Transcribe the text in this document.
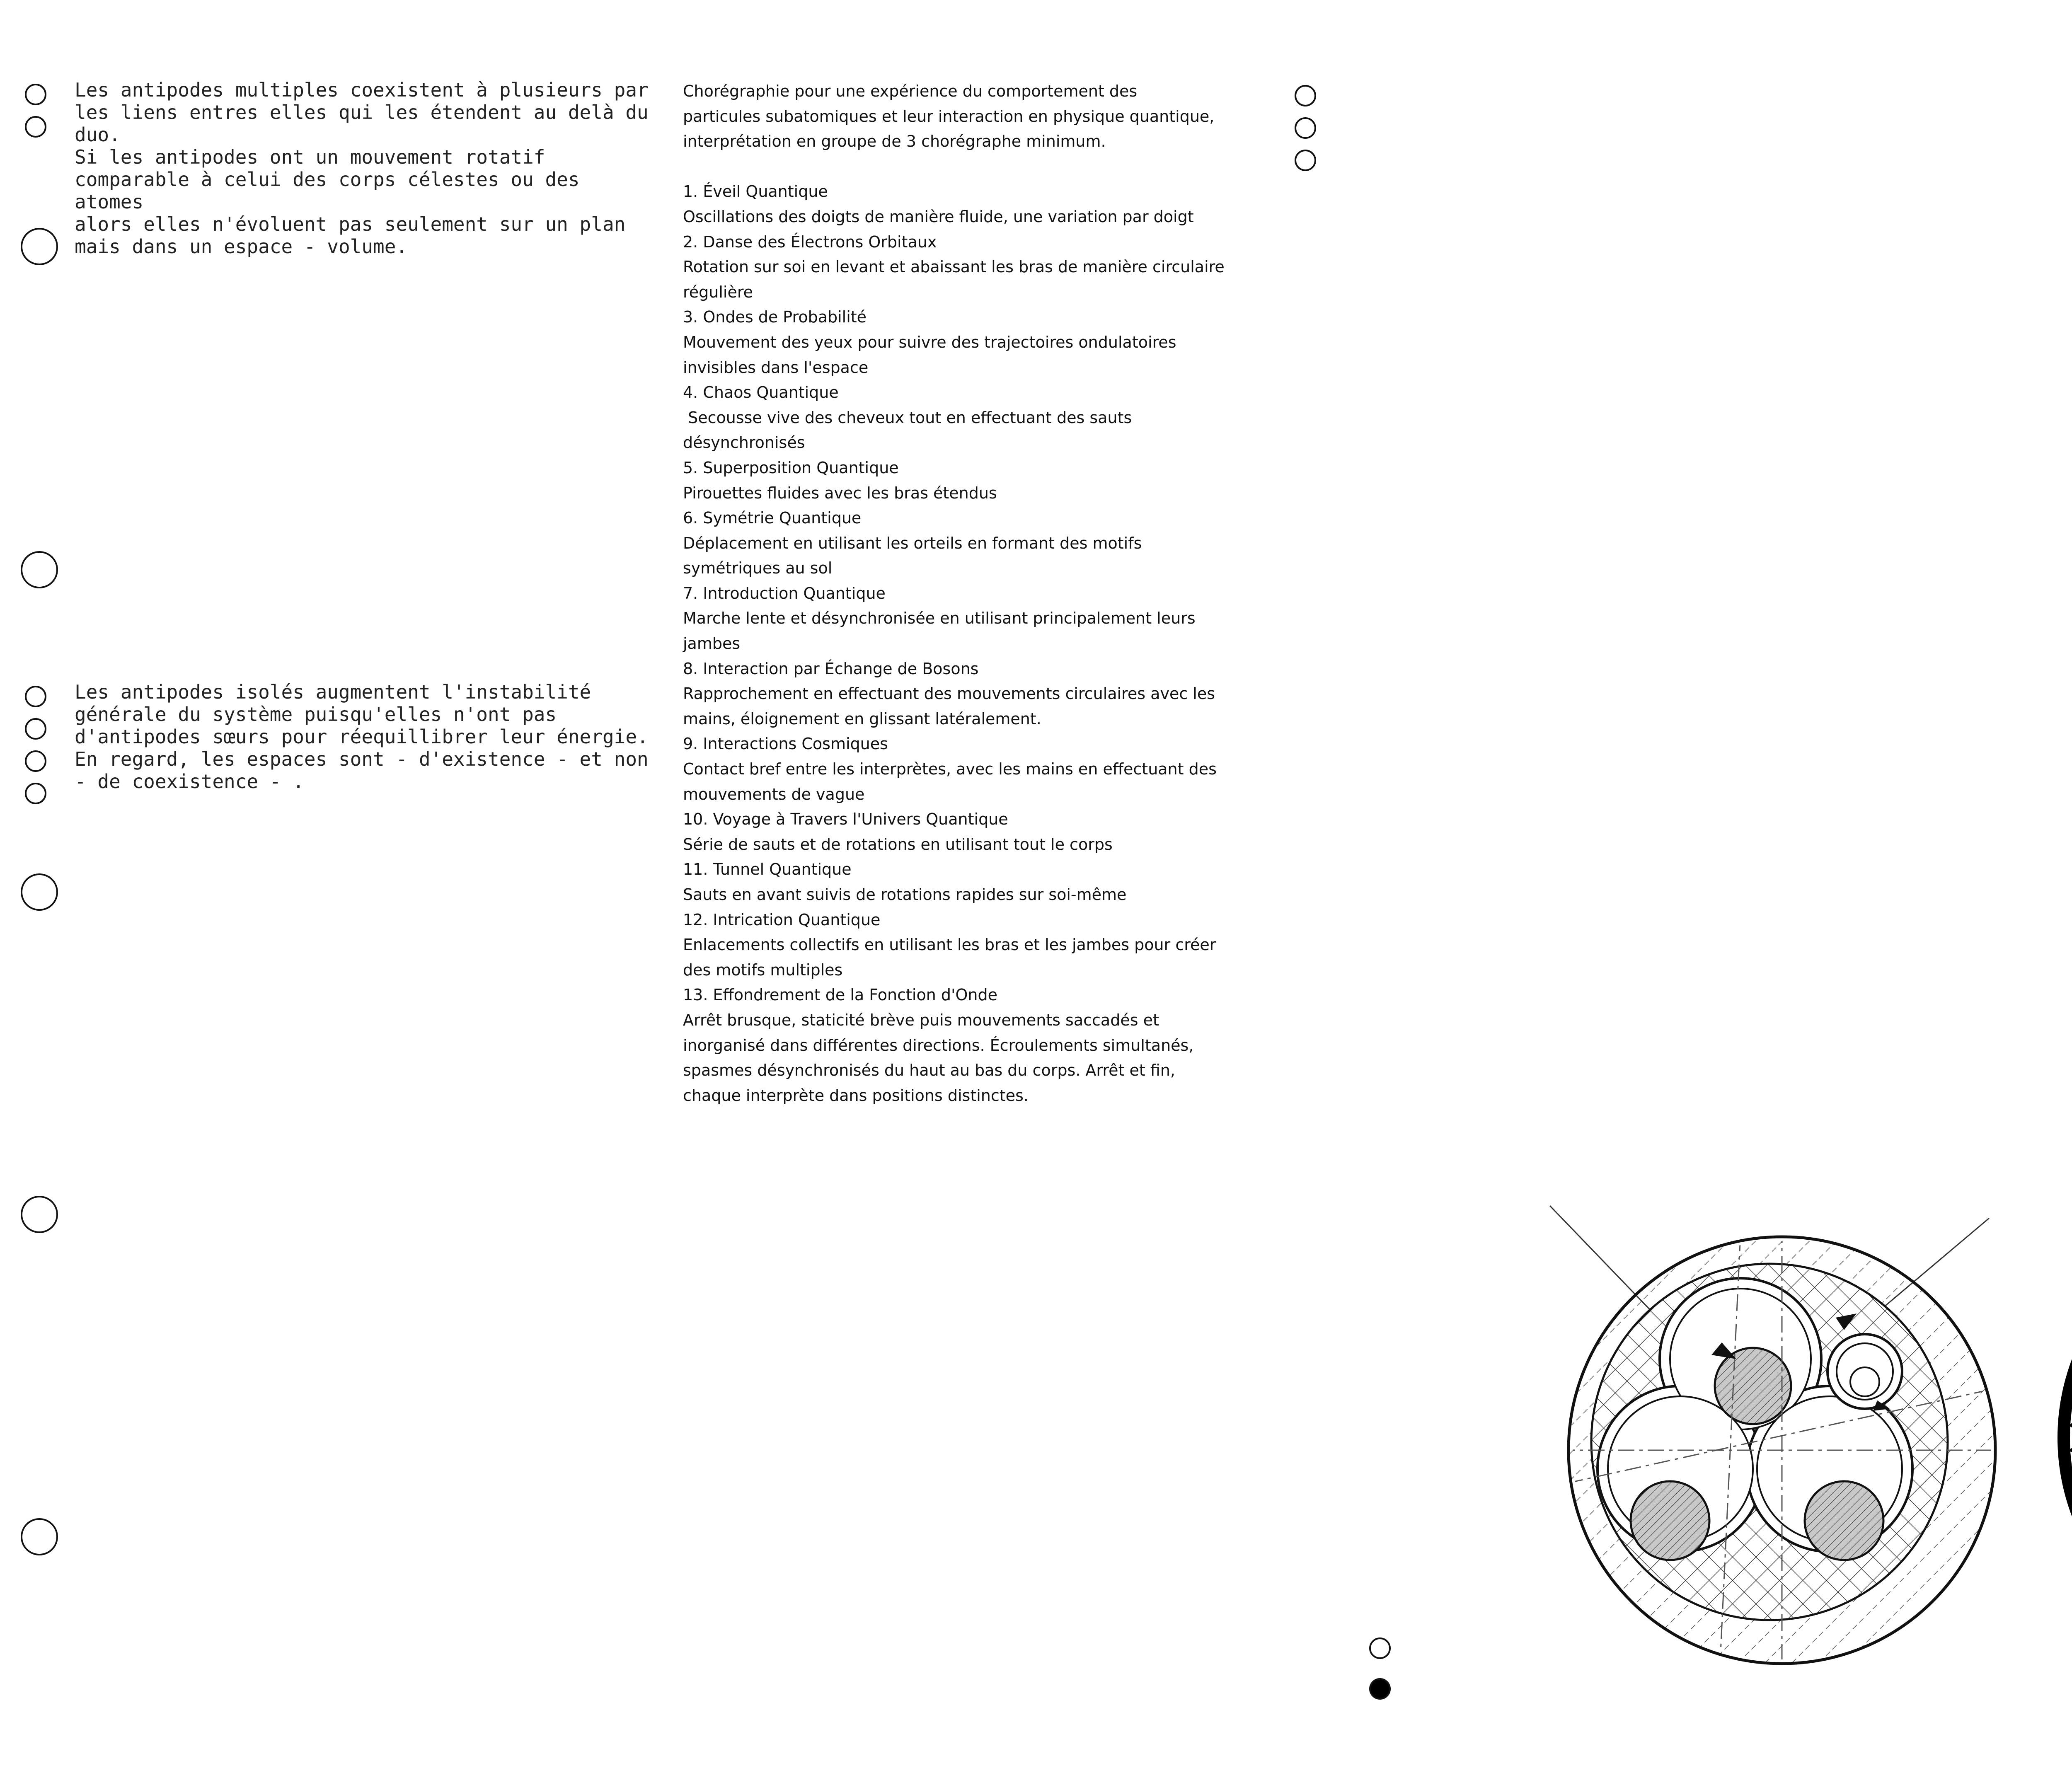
Les antipodes multiples coexistent à plusieurs par
les liens entres elles qui les étendent au delà du
duo.
Si les antipodes ont un mouvement rotatif
comparable à celui des corps célestes ou des atomes
alors elles n'évoluent pas seulement sur un plan
mais dans un espace - volume.
Les antipodes isolés augmentent l'instabilité
générale du système puisqu'elles n'ont pas
d'antipodes sœurs pour réequillibrer leur énergie.
En regard, les espaces sont - d'existence - et non
- de coexistence - .

Chorégraphie pour une expérience du comportement des

particules subatomiques et leur interaction en physique quantique,

interprétation en groupe de 3 chorégraphe minimum.

1. Éveil Quantique

Oscillations des doigts de manière fluide, une variation par doigt

2. Danse des Électrons Orbitaux

Rotation sur soi en levant et abaissant les bras de manière circulaire

régulière

3. Ondes de Probabilité

Mouvement des yeux pour suivre des trajectoires ondulatoires

invisibles dans l'espace

4. Chaos Quantique

Secousse vive des cheveux tout en effectuant des sauts

désynchronisés

5. Superposition Quantique

Pirouettes fluides avec les bras étendus

6. Symétrie Quantique

Déplacement en utilisant les orteils en formant des motifs

symétriques au sol

7. Introduction Quantique

Marche lente et désynchronisée en utilisant principalement leurs

jambes

8. Interaction par Échange de Bosons

Rapprochement en effectuant des mouvements circulaires avec les

mains, éloignement en glissant latéralement.

9. Interactions Cosmiques

Contact bref entre les interprètes, avec les mains en effectuant des

mouvements de vague

10. Voyage à Travers l'Univers Quantique

Série de sauts et de rotations en utilisant tout le corps

11. Tunnel Quantique

Sauts en avant suivis de rotations rapides sur soi-même

12. Intrication Quantique

Enlacements collectifs en utilisant les bras et les jambes pour créer

des motifs multiples

13. Effondrement de la Fonction d'Onde

Arrêt brusque, staticité brève puis mouvements saccadés et

inorganisé dans différentes directions. Écroulements simultanés,

spasmes désynchronisés du haut au bas du corps. Arrêt et fin,

chaque interprète dans positions distinctes.
